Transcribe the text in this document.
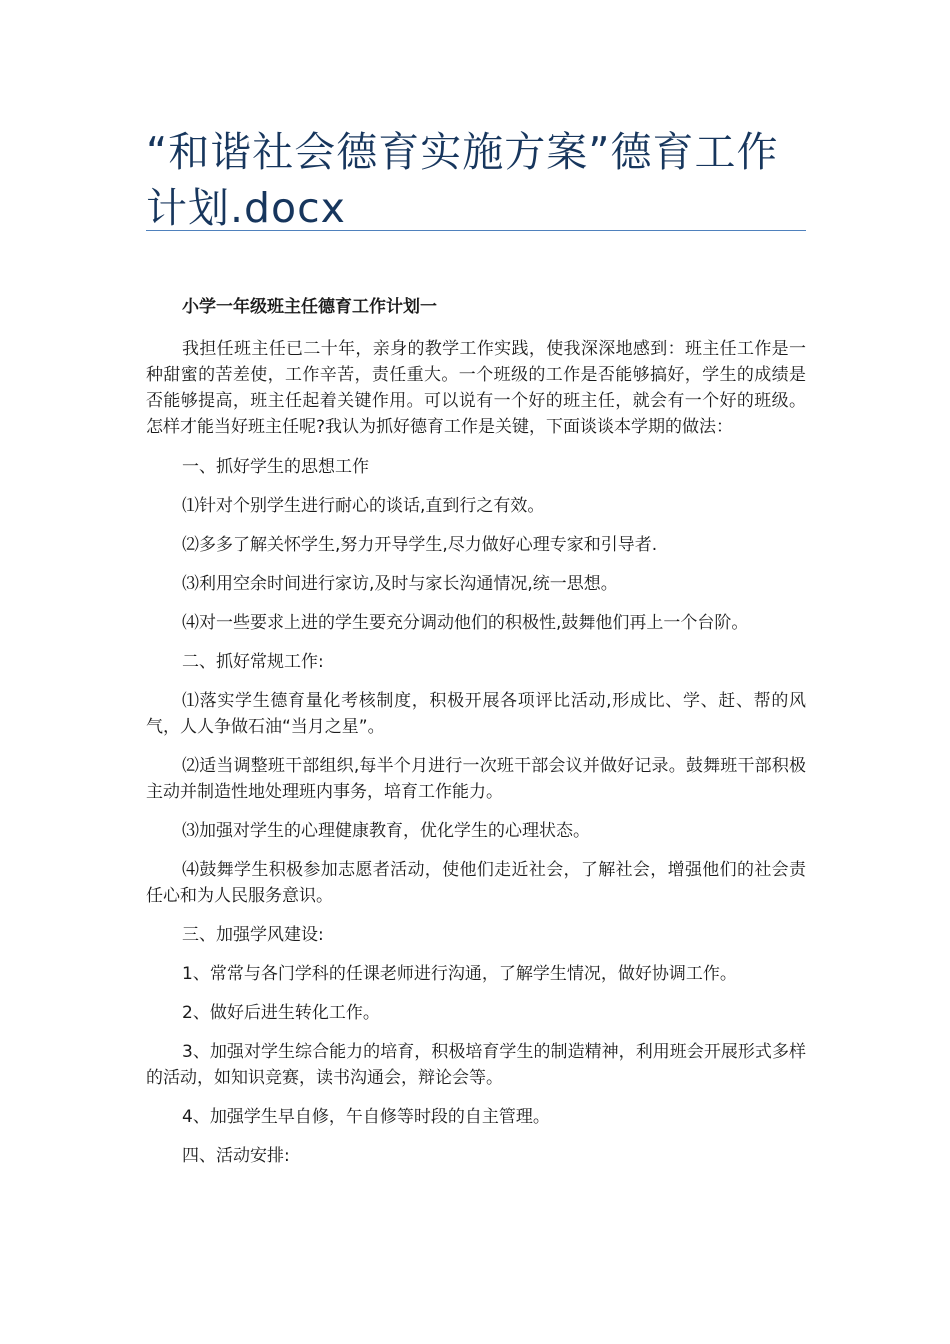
“和谐社会德育实施方案”德育工作计划.docx

小学一年级班主任德育工作计划一

我担任班主任已二十年，亲身的教学工作实践，使我深深地感到：班主任工作是一种甜蜜的苦差使，工作辛苦，责任重大。一个班级的工作是否能够搞好，学生的成绩是否能够提高，班主任起着关键作用。可以说有一个好的班主任，就会有一个好的班级。怎样才能当好班主任呢?我认为抓好德育工作是关键，下面谈谈本学期的做法：

一、抓好学生的思想工作

⑴针对个别学生进行耐心的谈话,直到行之有效。

⑵多多了解关怀学生,努力开导学生,尽力做好心理专家和引导者.

⑶利用空余时间进行家访,及时与家长沟通情况,统一思想。

⑷对一些要求上进的学生要充分调动他们的积极性,鼓舞他们再上一个台阶。

二、抓好常规工作:

⑴落实学生德育量化考核制度，积极开展各项评比活动,形成比、学、赶、帮的风气，人人争做石油“当月之星”。

⑵适当调整班干部组织,每半个月进行一次班干部会议并做好记录。鼓舞班干部积极主动并制造性地处理班内事务，培育工作能力。

⑶加强对学生的心理健康教育，优化学生的心理状态。

⑷鼓舞学生积极参加志愿者活动，使他们走近社会，了解社会，增强他们的社会责任心和为人民服务意识。

三、加强学风建设:

1、常常与各门学科的任课老师进行沟通，了解学生情况，做好协调工作。

2、做好后进生转化工作。

3、加强对学生综合能力的培育，积极培育学生的制造精神，利用班会开展形式多样的活动，如知识竞赛，读书沟通会，辩论会等。

4、加强学生早自修，午自修等时段的自主管理。

四、活动安排:
